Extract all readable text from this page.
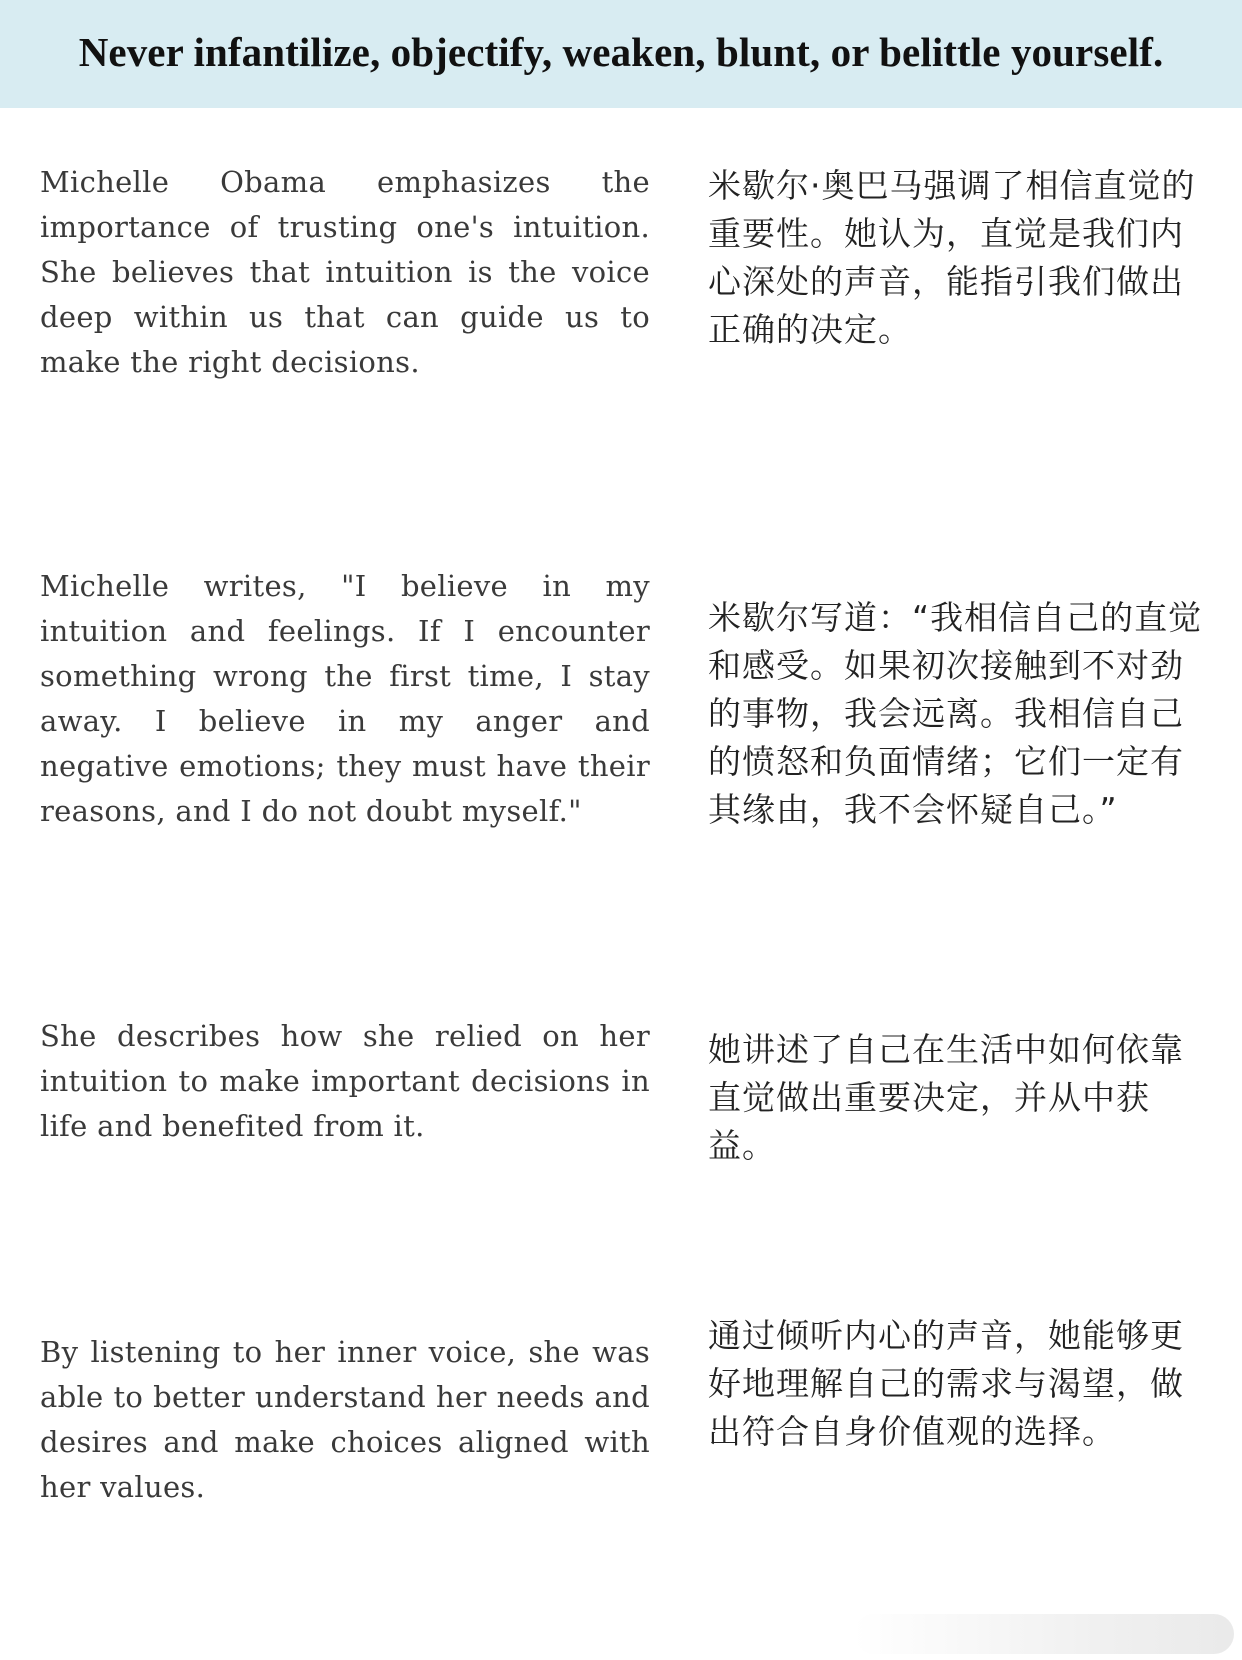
Never infantilize, objectify, weaken, blunt, or belittle yourself.

Michelle Obama emphasizes the importance of trusting one's intuition. She believes that intuition is the voice deep within us that can guide us to make the right decisions.

米歇尔·奥巴马强调了相信直觉的重要性。她认为，直觉是我们内心深处的声音，能指引我们做出正确的决定。

Michelle writes, "I believe in my intuition and feelings. If I encounter something wrong the first time, I stay away. I believe in my anger and negative emotions; they must have their reasons, and I do not doubt myself."

米歇尔写道：“我相信自己的直觉和感受。如果初次接触到不对劲的事物，我会远离。我相信自己的愤怒和负面情绪；它们一定有其缘由，我不会怀疑自己。”

She describes how she relied on her intuition to make important decisions in life and benefited from it.

她讲述了自己在生活中如何依靠直觉做出重要决定，并从中获益。

By listening to her inner voice, she was able to better understand her needs and desires and make choices aligned with her values.

通过倾听内心的声音，她能够更好地理解自己的需求与渴望，做出符合自身价值观的选择。
